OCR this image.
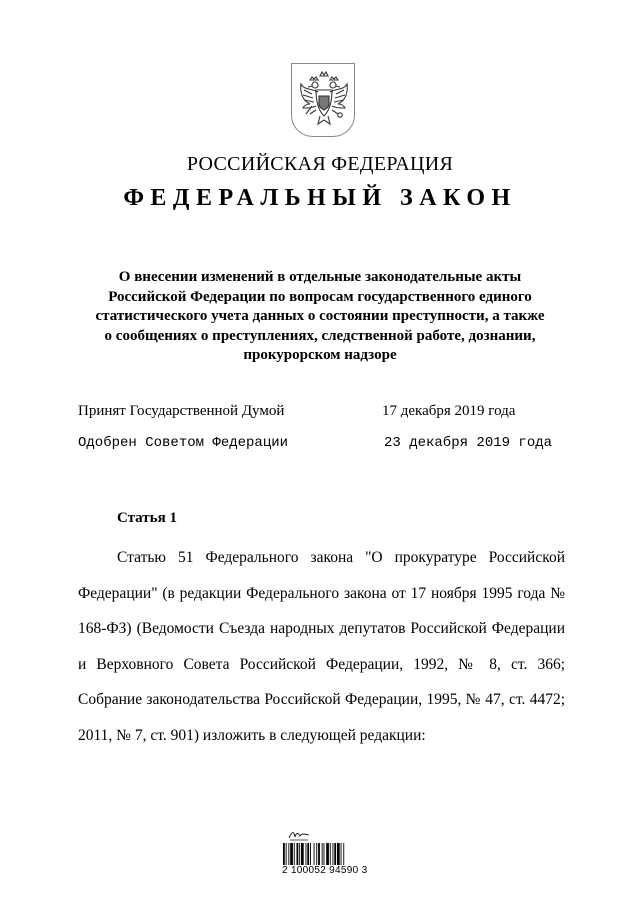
РОССИЙСКАЯ ФЕДЕРАЦИЯ
ФЕДЕРАЛЬНЫЙ ЗАКОН
О внесении изменений в отдельные законодательные акты Российской Федерации по вопросам государственного единого статистического учета данных о состоянии преступности, а также о сообщениях о преступлениях, следственной работе, дознании, прокурорском надзоре
Принят Государственной Думой	17 декабря 2019 года
Одобрен Советом Федерации	23 декабря 2019 года
Статья 1

Статью 51 Федерального закона "О прокуратуре Российской Федерации" (в редакции Федерального закона от 17 ноября 1995 года № 168-ФЗ) (Ведомости Съезда народных депутатов Российской Федерации и Верховного Совета Российской Федерации, 1992, № 8, ст. 366; Собрание законодательства Российской Федерации, 1995, № 47, ст. 4472; 2011, № 7, ст. 901) изложить в следующей редакции:

2 100052 94590 3
